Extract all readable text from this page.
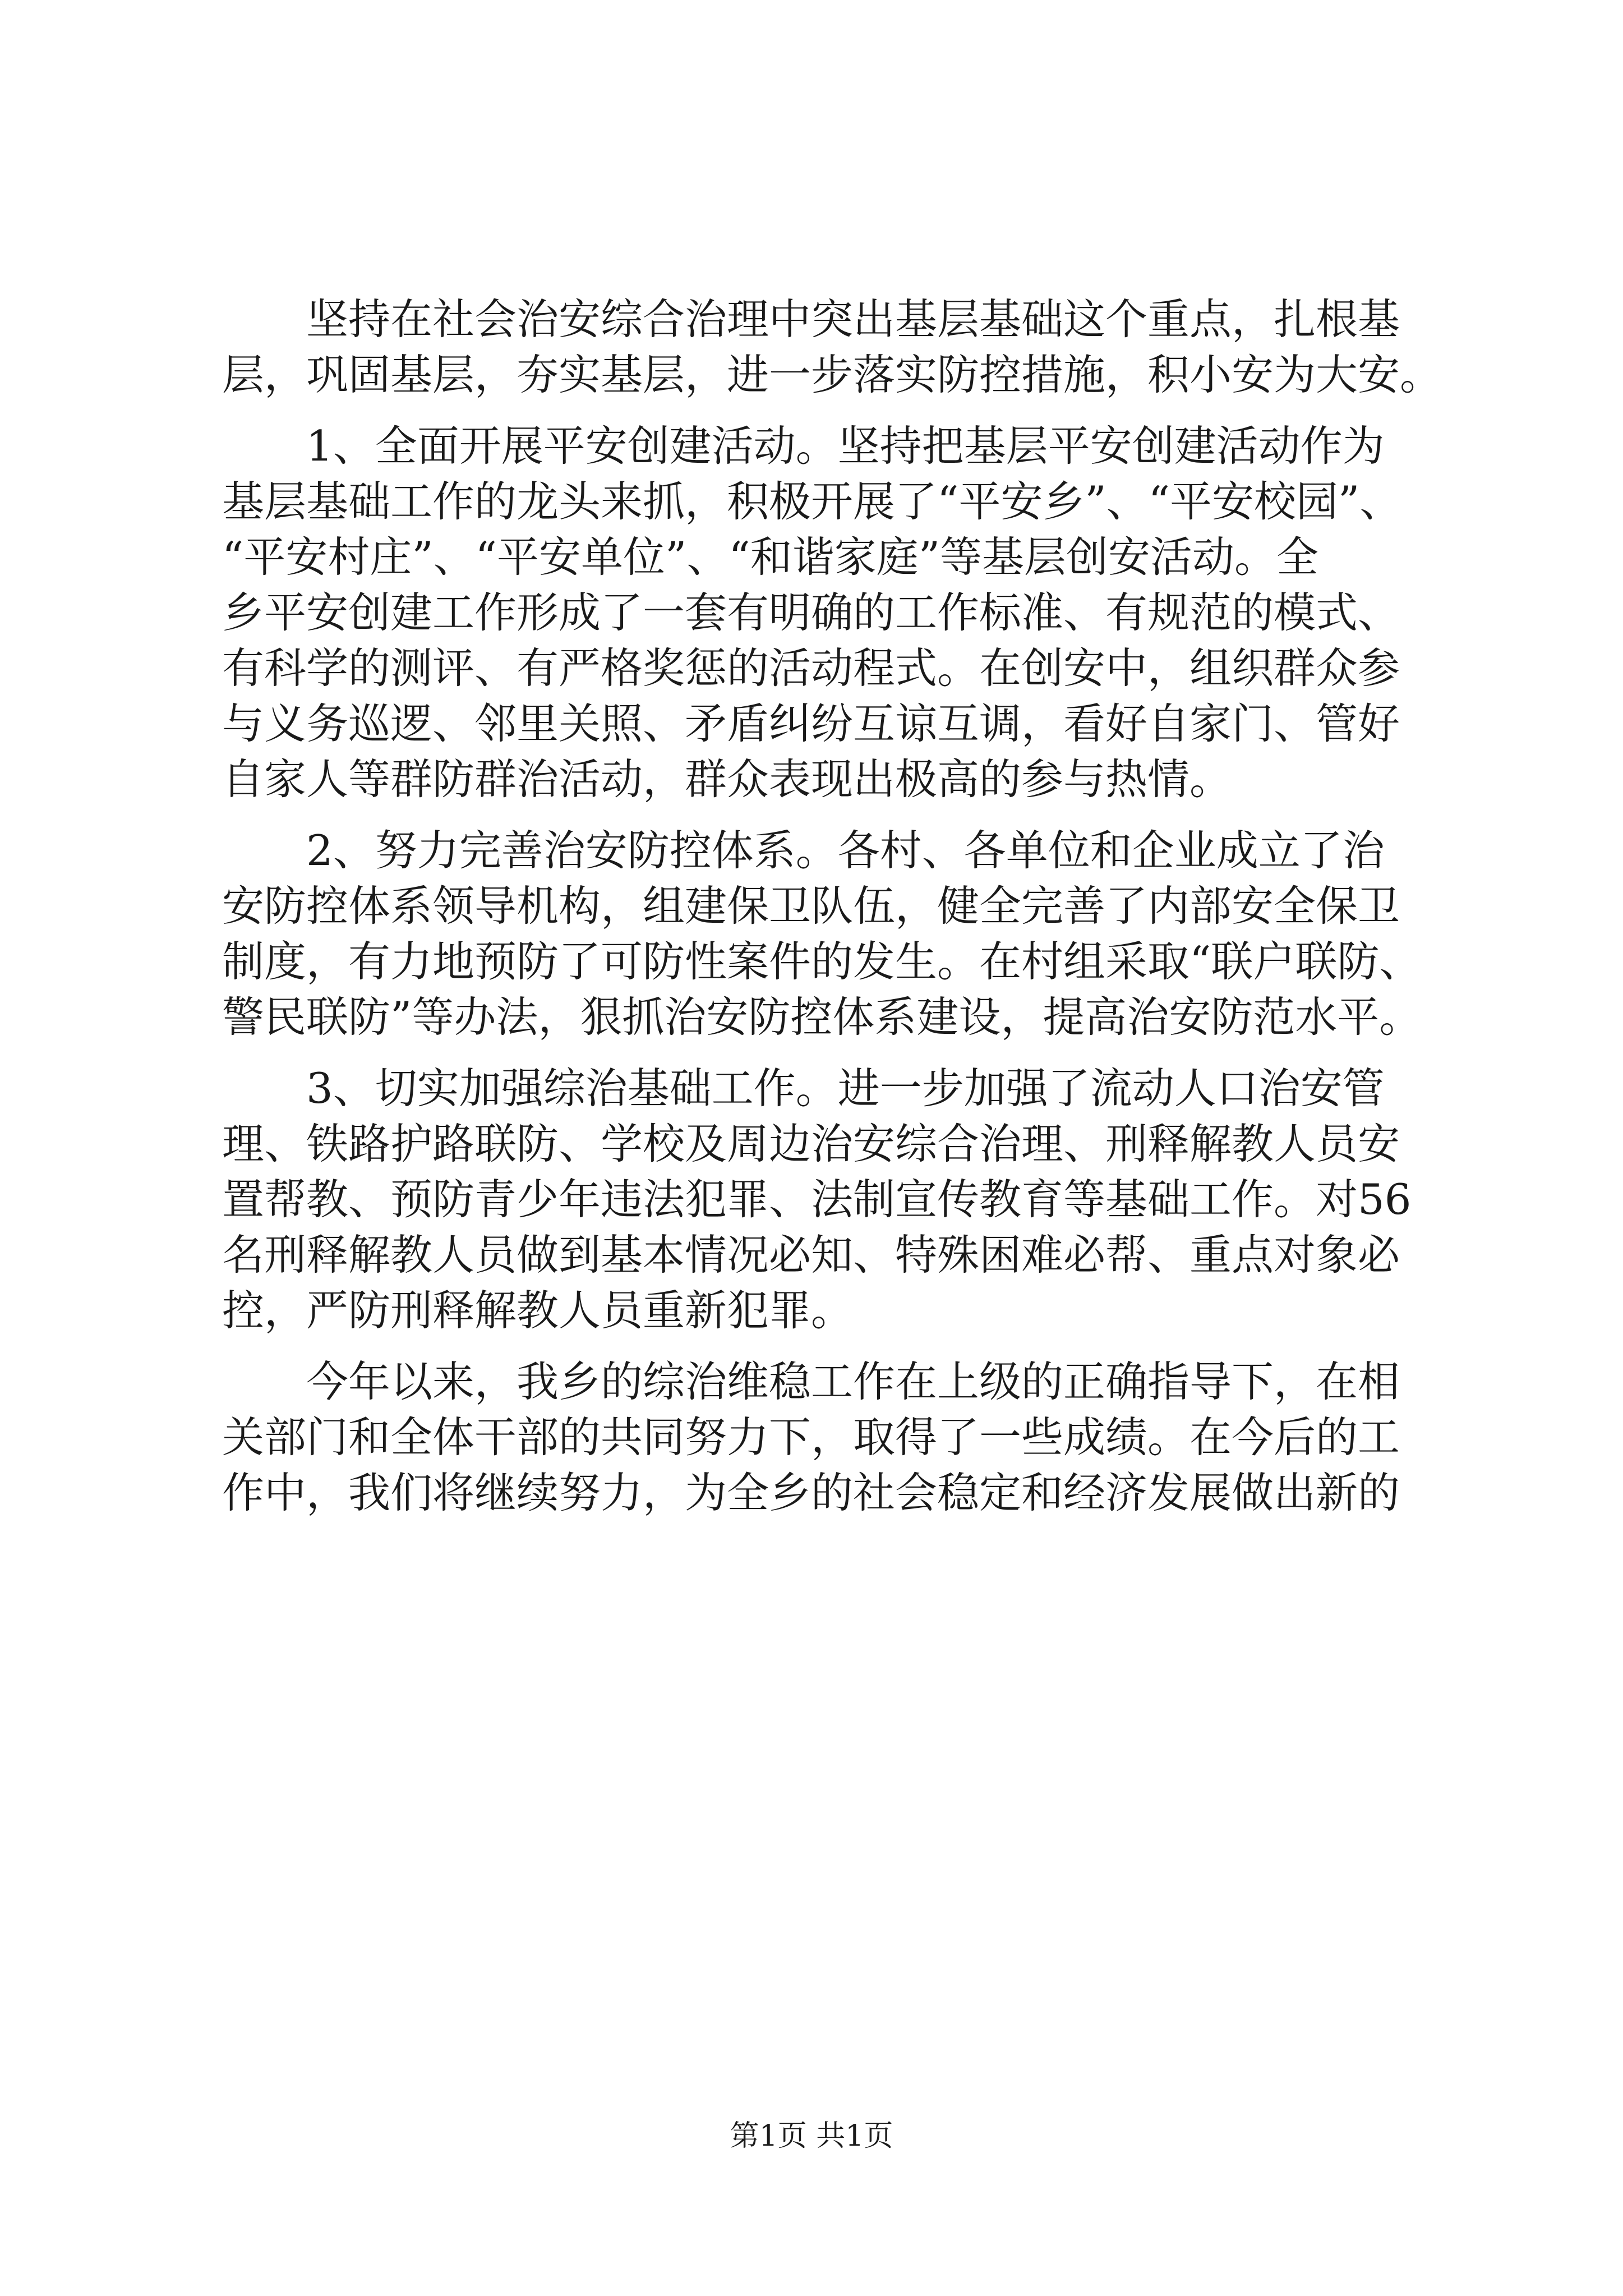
坚持在社会治安综合治理中突出基层基础这个重点，扎根基

层，巩固基层，夯实基层，进一步落实防控措施，积小安为大安。

1、全面开展平安创建活动。坚持把基层平安创建活动作为

基层基础工作的龙头来抓，积极开展了“平安乡”、“平安校园”、

“平安村庄”、“平安单位”、“和谐家庭”等基层创安活动。全

乡平安创建工作形成了一套有明确的工作标准、有规范的模式、

有科学的测评、有严格奖惩的活动程式。在创安中，组织群众参

与义务巡逻、邻里关照、矛盾纠纷互谅互调，看好自家门、管好

自家人等群防群治活动，群众表现出极高的参与热情。

2、努力完善治安防控体系。各村、各单位和企业成立了治

安防控体系领导机构，组建保卫队伍，健全完善了内部安全保卫

制度，有力地预防了可防性案件的发生。在村组采取“联户联防、

警民联防”等办法，狠抓治安防控体系建设，提高治安防范水平。

3、切实加强综治基础工作。进一步加强了流动人口治安管

理、铁路护路联防、学校及周边治安综合治理、刑释解教人员安

置帮教、预防青少年违法犯罪、法制宣传教育等基础工作。对56

名刑释解教人员做到基本情况必知、特殊困难必帮、重点对象必

控，严防刑释解教人员重新犯罪。

今年以来，我乡的综治维稳工作在上级的正确指导下，在相

关部门和全体干部的共同努力下，取得了一些成绩。在今后的工

作中，我们将继续努力，为全乡的社会稳定和经济发展做出新的

第1页 共1页
